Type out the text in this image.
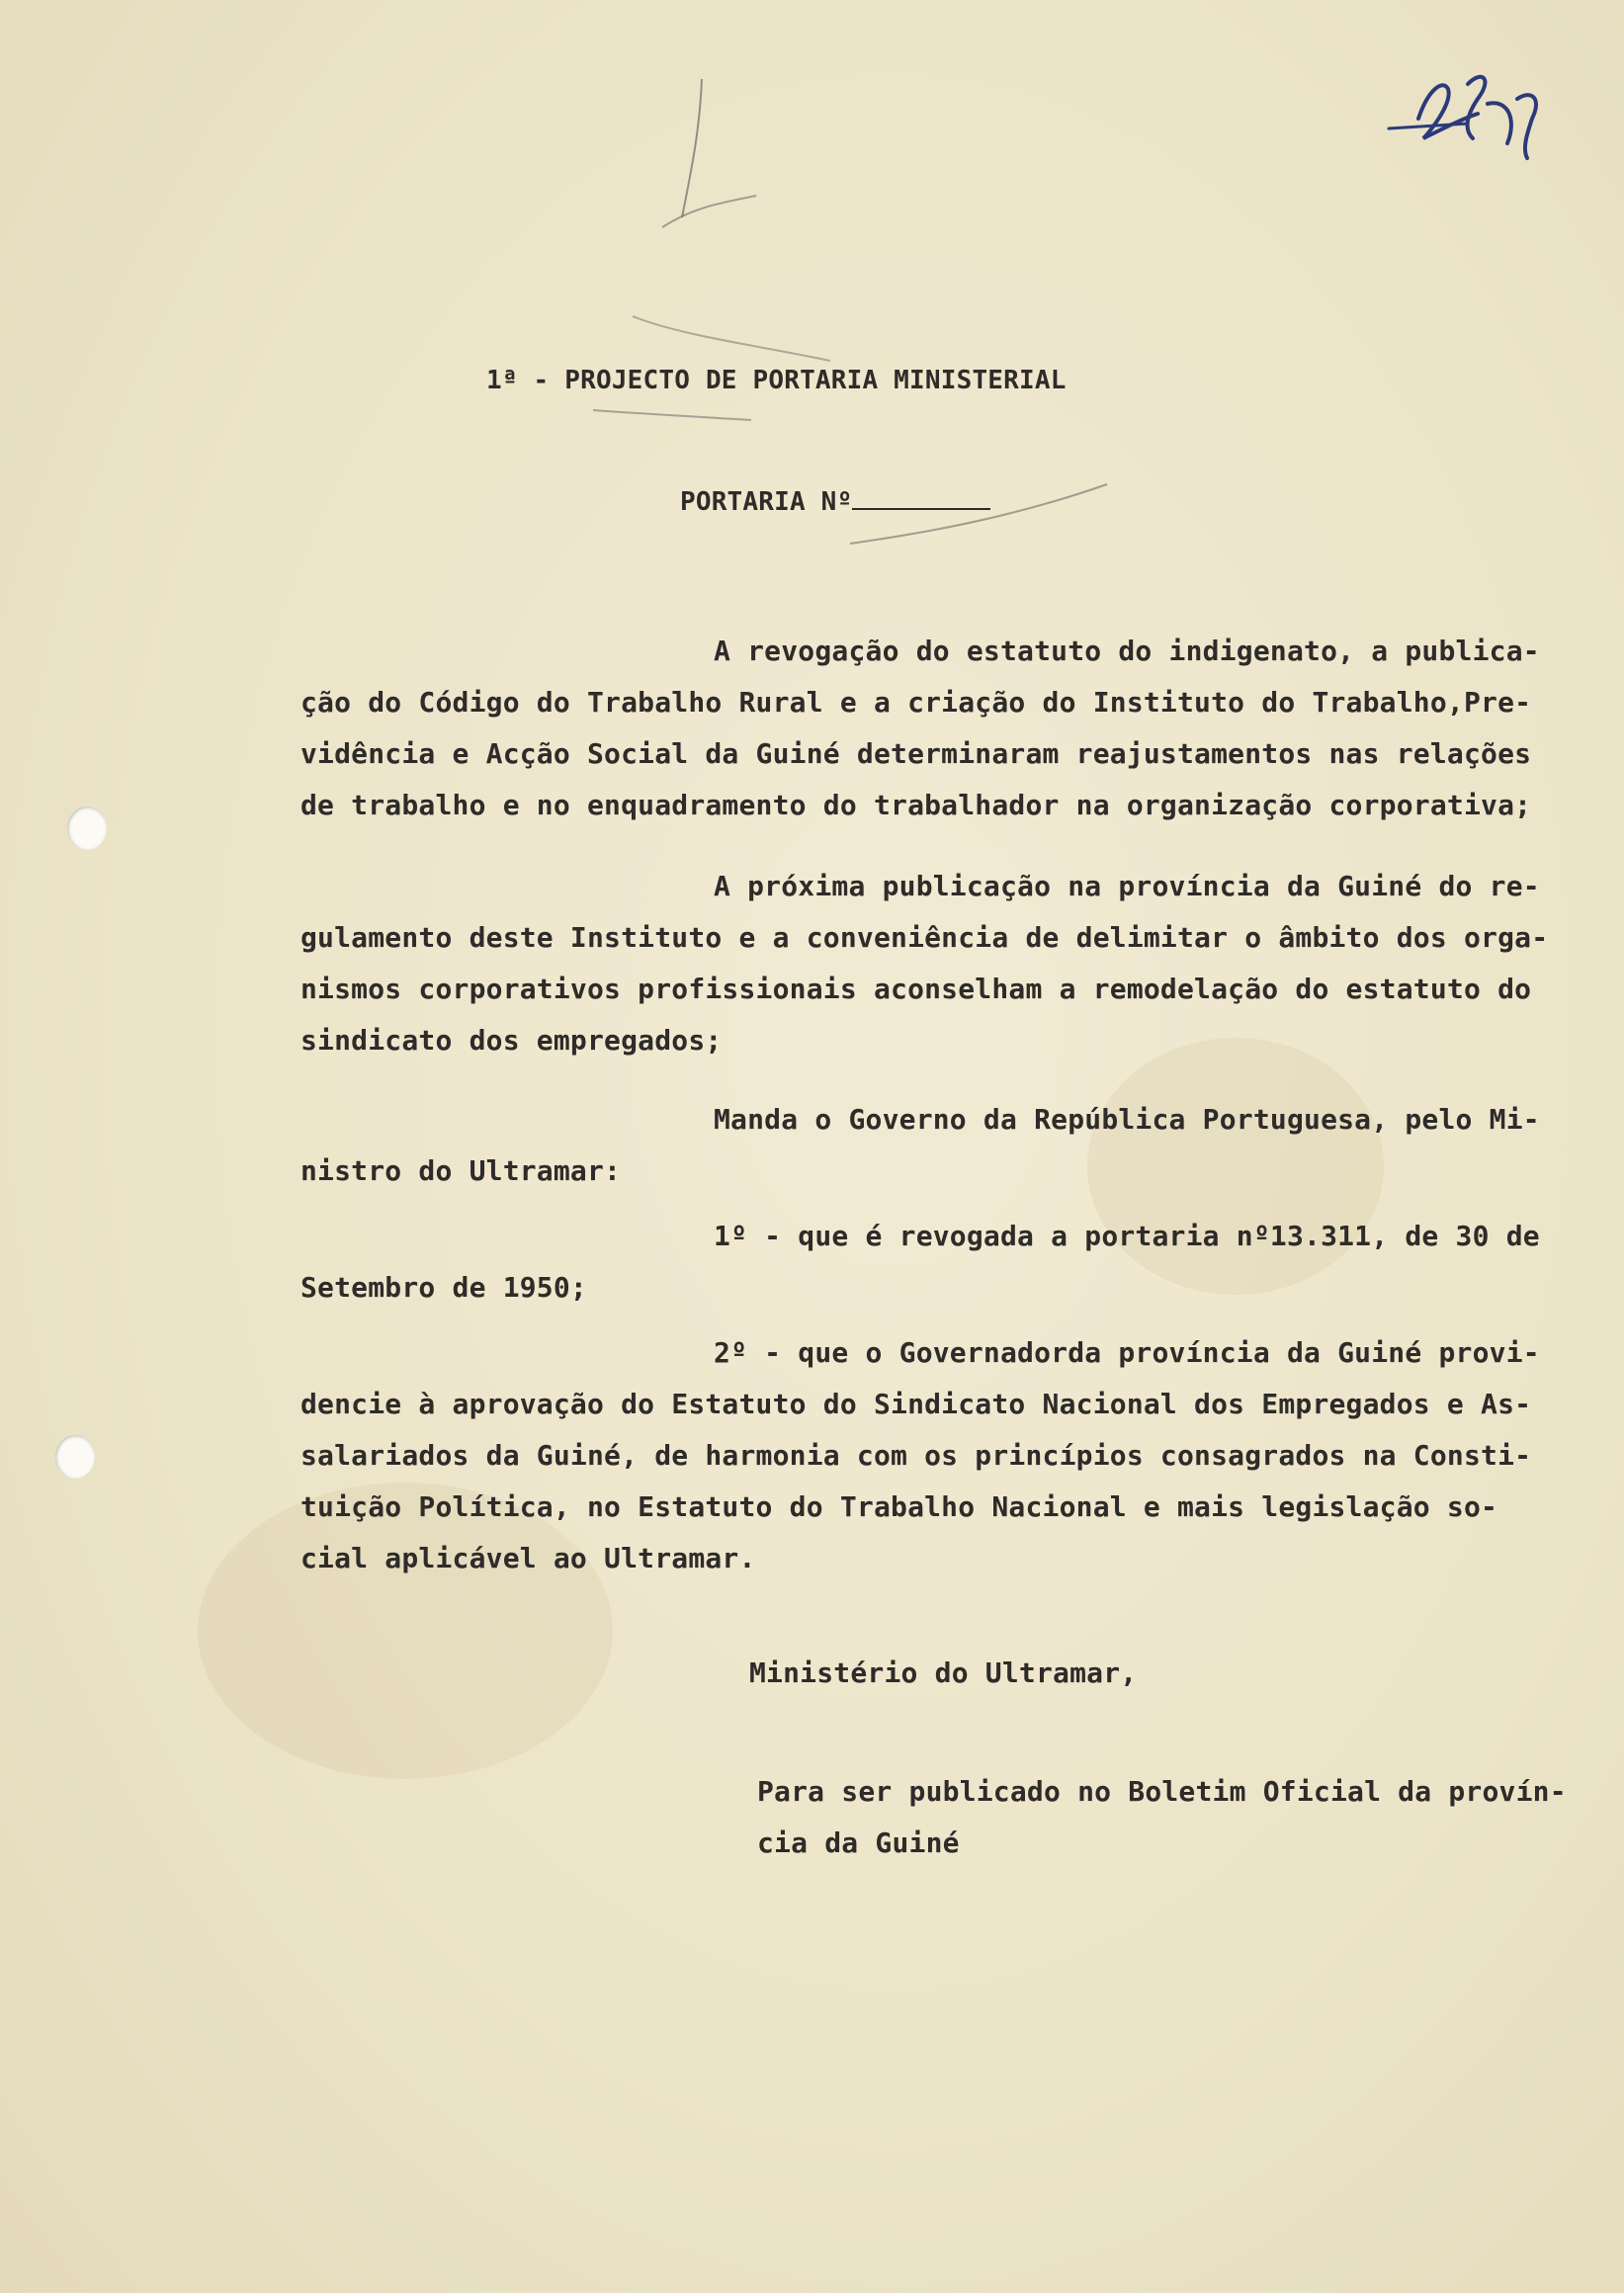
1ª - PROJECTO DE PORTARIA MINISTERIAL

PORTARIA Nº

A revogação do estatuto do indigenato, a publica-

ção do Código do Trabalho Rural e a criação do Instituto do Trabalho,Pre-

vidência e Acção Social da Guiné determinaram reajustamentos nas relações

de trabalho e no enquadramento do trabalhador na organização corporativa;

A próxima publicação na província da Guiné do re-

gulamento deste Instituto e a conveniência de delimitar o âmbito dos orga-

nismos corporativos profissionais aconselham a remodelação do estatuto do

sindicato dos empregados;

Manda o Governo da República Portuguesa, pelo Mi-

nistro do Ultramar:

1º - que é revogada a portaria nº13.311, de 30 de

Setembro de 1950;

2º - que o Governadorda província da Guiné provi-

dencie à aprovação do Estatuto do Sindicato Nacional dos Empregados e As-

salariados da Guiné, de harmonia com os princípios consagrados na Consti-

tuição Política, no Estatuto do Trabalho Nacional e mais legislação so-

cial aplicável ao Ultramar.

Ministério do Ultramar,

Para ser publicado no Boletim Oficial da provín-

cia da Guiné
